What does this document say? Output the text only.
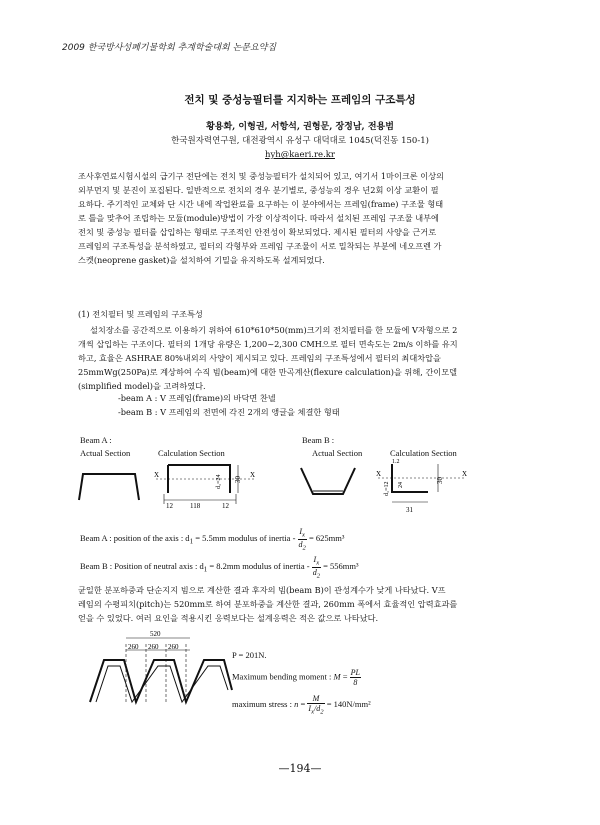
2009 한국방사성폐기물학회 추계학술대회 논문요약집
전치 및 중성능필터를 지지하는 프레임의 구조특성
황용화, 이형권, 서항석, 권형문, 장정남, 전용범
한국원자력연구원, 대전광역시 유성구 대덕대로 1045(덕진동 150-1)
hyh@kaeri.re.kr
조사후연료시험시설의 급기구 전단에는 전치 및 중성능필터가 설치되어 있고, 여기서 1마이크론 이상의
외부먼지 및 분진이 포집된다. 일반적으로 전치의 경우 분기별로, 중성능의 경우 년2회 이상 교환이 필
요하다. 주기적인 교체와 단 시간 내에 작업완료를 요구하는 이 분야에서는 프레임(frame) 구조물 형태
로 틀을 맞추어 조립하는 모듈(module)방법이 가장 이상적이다. 따라서 설치된 프레임 구조물 내부에
전치 및 중성능 필터를 삽입하는 형태로 구조적인 안전성이 확보되었다. 제시된 필터의 사양을 근거로
프레임의 구조특성을 분석하였고, 필터의 각형부와 프레임 구조물이 서로 밀착되는 부분에 네오프렌 가
스켓(neoprene gasket)을 설치하여 기밀을 유지하도록 설계되었다.
(1) 전치필터 및 프레임의 구조특성
설치장소를 공간적으로 이용하기 위하여 610*610*50(mm)크기의 전치필터를 한 모듈에 V자형으로 2
개씩 삽입하는 구조이다. 필터의 1개당 유량은 1,200~2,300 CMH으로 필터 면속도는 2m/s 이하를 유지
하고, 효율은 ASHRAE 80%내외의 사양이 제시되고 있다. 프레임의 구조특성에서 필터의 최대차압을
25mmWg(250Pa)로 계상하여 수직 빔(beam)에 대한 만곡계산(flexure calculation)을 위해, 간이모델
(simplified model)을 고려하였다.
-beam A : V 프레임(frame)의 바닥면 찬넬
-beam B : V 프레임의 전면에 각진 2개의 앵글을 체결한 형태
Beam A :
Actual Section	Calculation Section
Beam B :
Actual Section	Calculation Section
X	X
30
d₁=24
12 118	12
X	X
1.2
24
d₁=12
30
31
Beam A : position of the axis : $d_1 = 5.5mm$ modulus of inertia - $\frac{I_x}{d_2} = 625mm^3$
Beam B : Position of neutral axis : $d_1 = 8.2mm$ modulus of inertia - $\frac{I_x}{d_2} = 556mm^3$
균일한 분포하중과 단순지지 빔으로 계산한 결과 후자의 빔(beam B)이 관성계수가 낮게 나타났다. V프
레임의 수평피치(pitch)는 520mm로 하여 분포하중을 계산한 결과, 260mm 폭에서 효율적인 압력효과를
얻을 수 있었다. 여러 요인을 적용시킨 응력보다는 설계응력은 적은 값으로 나타났다.
520
260 260 260
P = 201N.
Maximum bending moment : $M = \frac{PL}{8}$
maximum stress : $n = \frac{M}{I_x/d_2} = 140N/mm^2$
—194—
